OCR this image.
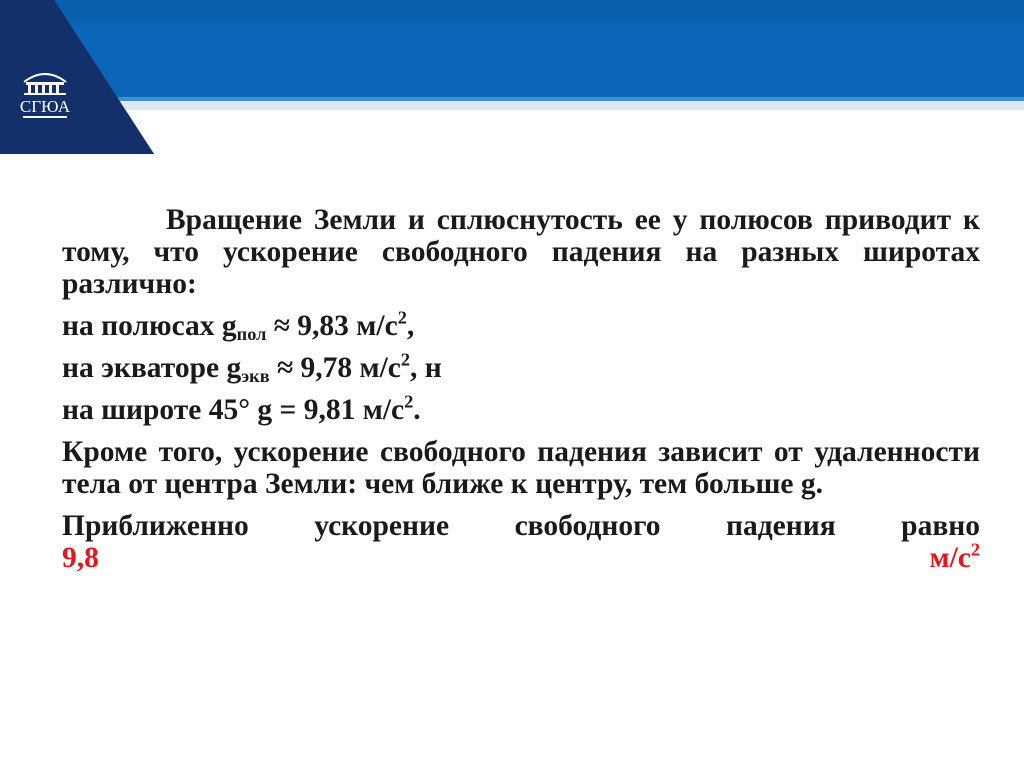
СГЮА

Вращение Земли и сплюснутость ее у полюсов приводит к тому, что ускорение свободного падения на разных широтах различно:

на полюсах $g_{пол} \approx 9,83$ $м/с^2$,

на экваторе $g_{экв} \approx 9,78$ $м/с^2$, н

на широте 45° g = 9,81 $м/с^2$.

Кроме того, ускорение свободного падения зависит от удаленности тела от центра Земли: чем ближе к центру, тем больше g.

Приближенно ускорение свободного падения равно
9,8 $м/с^2$
